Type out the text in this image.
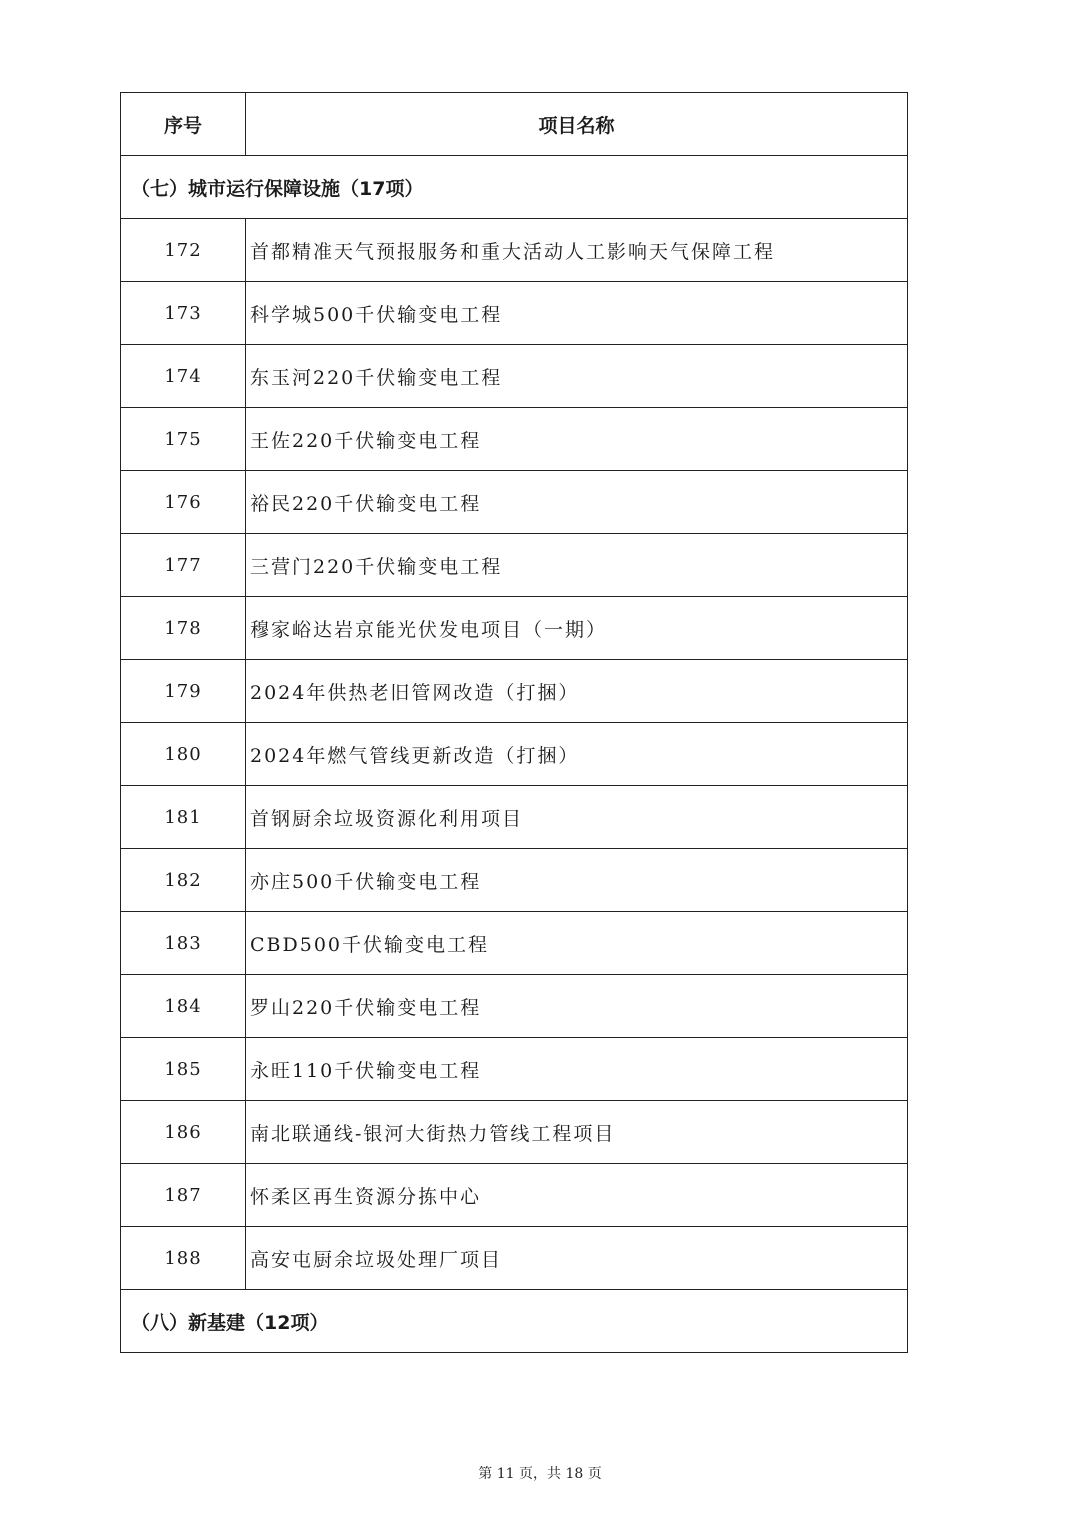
序号	项目名称
（七）城市运行保障设施（17项）	
172	首都精准天气预报服务和重大活动人工影响天气保障工程
173	科学城500千伏输变电工程
174	东玉河220千伏输变电工程
175	王佐220千伏输变电工程
176	裕民220千伏输变电工程
177	三营门220千伏输变电工程
178	穆家峪达岩京能光伏发电项目（一期）
179	2024年供热老旧管网改造（打捆）
180	2024年燃气管线更新改造（打捆）
181	首钢厨余垃圾资源化利用项目
182	亦庄500千伏输变电工程
183	CBD500千伏输变电工程
184	罗山220千伏输变电工程
185	永旺110千伏输变电工程
186	南北联通线-银河大街热力管线工程项目
187	怀柔区再生资源分拣中心
188	高安屯厨余垃圾处理厂项目
（八）新基建（12项）	
第 11 页，共 18 页
